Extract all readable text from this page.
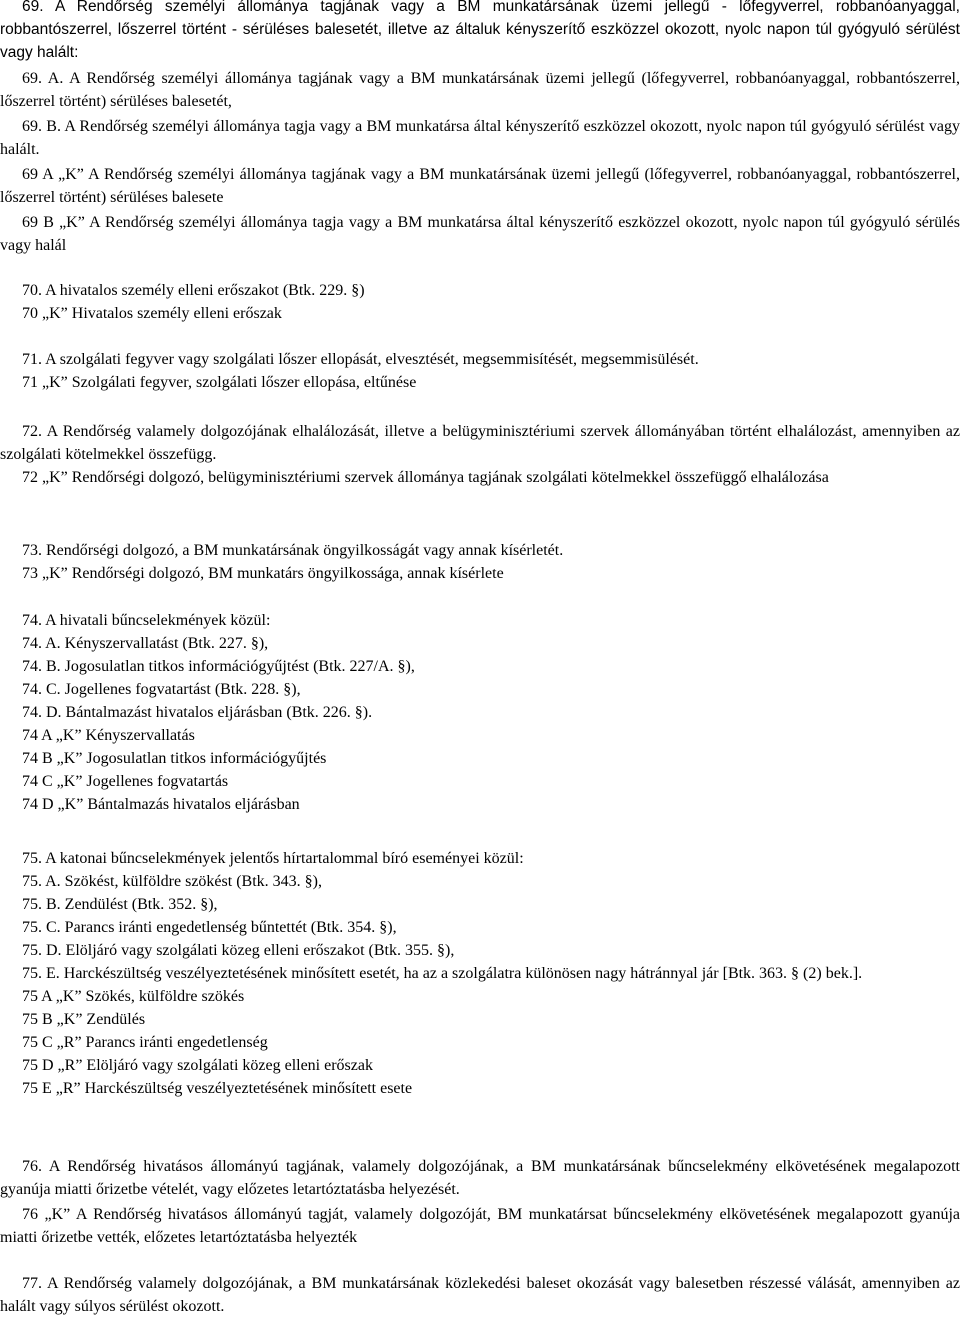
69. A Rendőrség személyi állománya tagjának vagy a BM munkatársának üzemi jellegű - lőfegyverrel, robbanóanyaggal, robbantószerrel, lőszerrel történt - sérüléses balesetét, illetve az általuk kényszerítő eszközzel okozott, nyolc napon túl gyógyuló sérülést vagy halált:

69. A. A Rendőrség személyi állománya tagjának vagy a BM munkatársának üzemi jellegű (lőfegyverrel, robbanóanyaggal, robbantószerrel, lőszerrel történt) sérüléses balesetét,

69. B. A Rendőrség személyi állománya tagja vagy a BM munkatársa által kényszerítő eszközzel okozott, nyolc napon túl gyógyuló sérülést vagy halált.

69 A „K” A Rendőrség személyi állománya tagjának vagy a BM munkatársának üzemi jellegű (lőfegyverrel, robbanóanyaggal, robbantószerrel, lőszerrel történt) sérüléses balesete

69 B „K” A Rendőrség személyi állománya tagja vagy a BM munkatársa által kényszerítő eszközzel okozott, nyolc napon túl gyógyuló sérülés vagy halál

70. A hivatalos személy elleni erőszakot (Btk. 229. §)
70 „K” Hivatalos személy elleni erőszak
71. A szolgálati fegyver vagy szolgálati lőszer ellopását, elvesztését, megsemmisítését, megsemmisülését.
71 „K” Szolgálati fegyver, szolgálati lőszer ellopása, eltűnése

72. A Rendőrség valamely dolgozójának elhalálozását, illetve a belügyminisztériumi szervek állományában történt elhalálozást, amennyiben az szolgálati kötelmekkel összefügg.

72 „K” Rendőrségi dolgozó, belügyminisztériumi szervek állománya tagjának szolgálati kötelmekkel összefüggő elhalálozása

73. Rendőrségi dolgozó, a BM munkatársának öngyilkosságát vagy annak kísérletét.
73 „K” Rendőrségi dolgozó, BM munkatárs öngyilkossága, annak kísérlete
74. A hivatali bűncselekmények közül:
74. A. Kényszervallatást (Btk. 227. §),
74. B. Jogosulatlan titkos információgyűjtést (Btk. 227/A. §),
74. C. Jogellenes fogvatartást (Btk. 228. §),
74. D. Bántalmazást hivatalos eljárásban (Btk. 226. §).
74 A „K” Kényszervallatás
74 B „K” Jogosulatlan titkos információgyűjtés
74 C „K” Jogellenes fogvatartás
74 D „K” Bántalmazás hivatalos eljárásban
75. A katonai bűncselekmények jelentős hírtartalommal bíró eseményei közül:
75. A. Szökést, külföldre szökést (Btk. 343. §),
75. B. Zendülést (Btk. 352. §),
75. C. Parancs iránti engedetlenség bűntettét (Btk. 354. §),
75. D. Elöljáró vagy szolgálati közeg elleni erőszakot (Btk. 355. §),

75. E. Harckészültség veszélyeztetésének minősített esetét, ha az a szolgálatra különösen nagy hátránnyal jár [Btk. 363. § (2) bek.].

75 A „K” Szökés, külföldre szökés
75 B „K” Zendülés
75 C „R” Parancs iránti engedetlenség
75 D „R” Elöljáró vagy szolgálati közeg elleni erőszak
75 E „R” Harckészültség veszélyeztetésének minősített esete

76. A Rendőrség hivatásos állományú tagjának, valamely dolgozójának, a BM munkatársának bűncselekmény elkövetésének megalapozott gyanúja miatti őrizetbe vételét, vagy előzetes letartóztatásba helyezését.

76 „K” A Rendőrség hivatásos állományú tagját, valamely dolgozóját, BM munkatársat bűncselekmény elkövetésének megalapozott gyanúja miatti őrizetbe vették, előzetes letartóztatásba helyezték

77. A Rendőrség valamely dolgozójának, a BM munkatársának közlekedési baleset okozását vagy balesetben részessé válását, amennyiben az halált vagy súlyos sérülést okozott.
